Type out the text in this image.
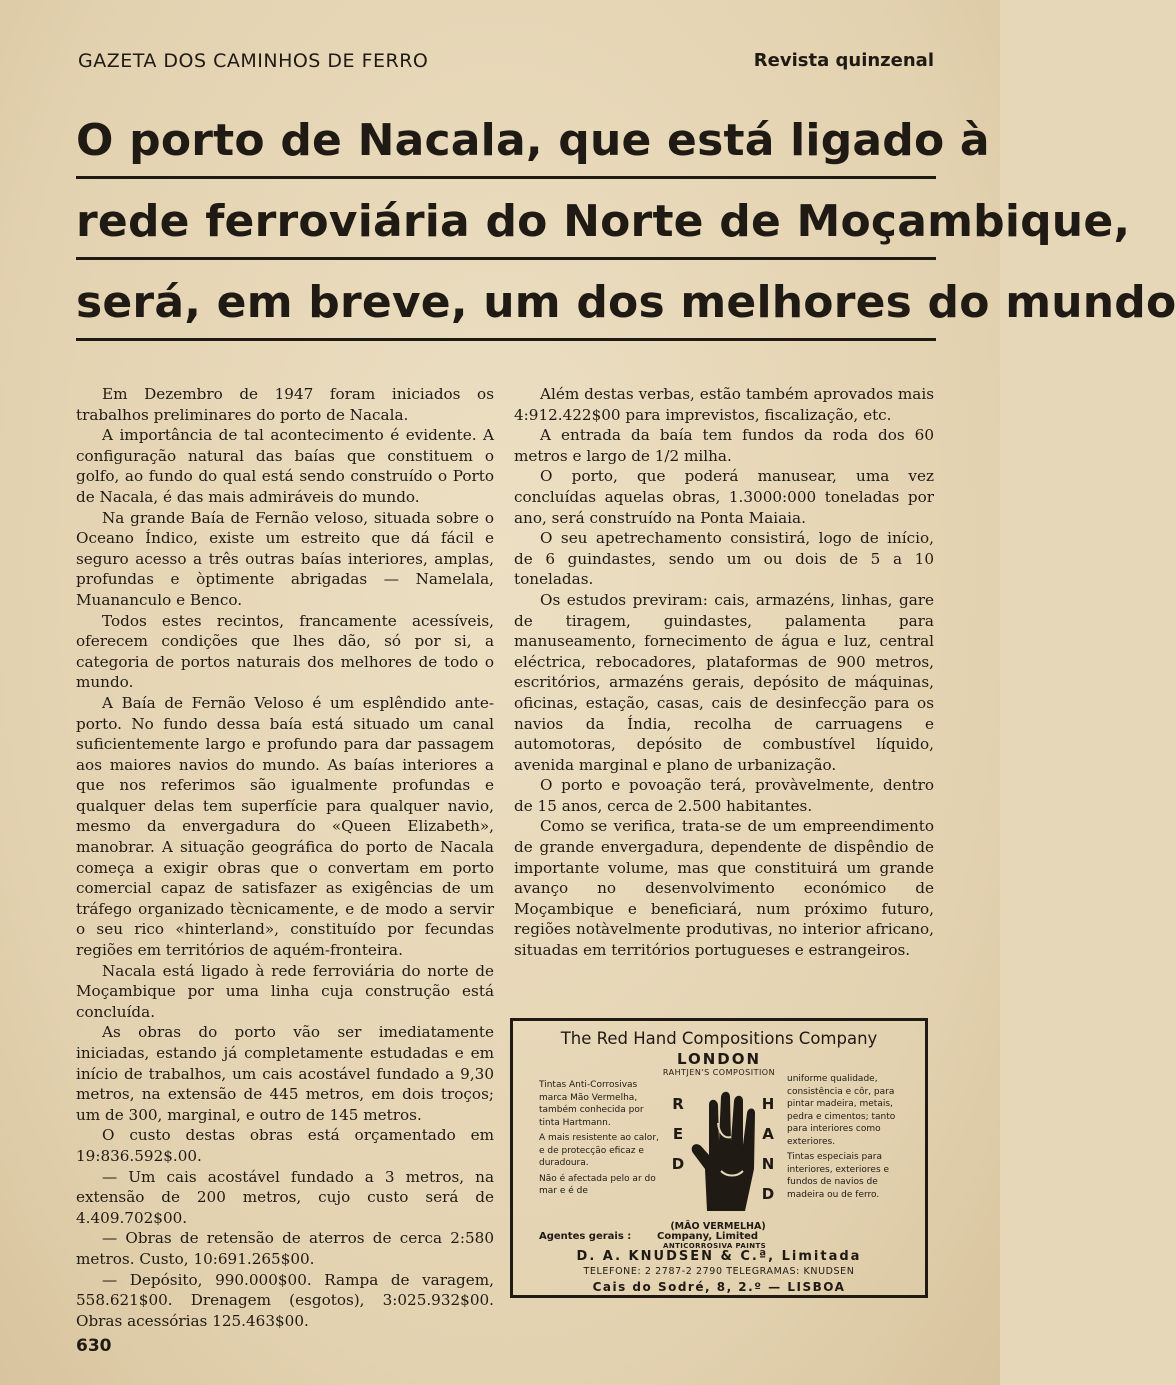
GAZETA DOS CAMINHOS DE FERRO	Revista quinzenal
O porto de Nacala, que está ligado à
rede ferroviária do Norte de Moçambique,
será, em breve, um dos melhores do mundo

Em Dezembro de 1947 foram iniciados os trabalhos preliminares do porto de Nacala.

A importância de tal acontecimento é evidente. A configuração natural das baías que constituem o golfo, ao fundo do qual está sendo construído o Porto de Nacala, é das mais admiráveis do mundo.

Na grande Baía de Fernão veloso, situada sobre o Oceano Índico, existe um estreito que dá fácil e seguro acesso a três outras baías interiores, amplas, profundas e òptimente abrigadas — Namelala, Muananculo e Benco.

Todos estes recintos, francamente acessíveis, oferecem condições que lhes dão, só por si, a categoria de portos naturais dos melhores de todo o mundo.

A Baía de Fernão Veloso é um esplêndido ante-porto. No fundo dessa baía está situado um canal suficientemente largo e profundo para dar passagem aos maiores navios do mundo. As baías interiores a que nos referimos são igualmente profundas e qualquer delas tem superfície para qualquer navio, mesmo da envergadura do «Queen Elizabeth», manobrar. A situação geográfica do porto de Nacala começa a exigir obras que o convertam em porto comercial capaz de satisfazer as exigências de um tráfego organizado tècnicamente, e de modo a servir o seu rico «hinterland», constituído por fecundas regiões em territórios de aquém-fronteira.

Nacala está ligado à rede ferroviária do norte de Moçambique por uma linha cuja construção está concluída.

As obras do porto vão ser imediatamente iniciadas, estando já completamente estudadas e em início de trabalhos, um cais acostável fundado a 9,30 metros, na extensão de 445 metros, em dois troços; um de 300, marginal, e outro de 145 metros.

O custo destas obras está orçamentado em 19:836.592$.00.

— Um cais acostável fundado a 3 metros, na extensão de 200 metros, cujo custo será de 4.409.702$00.

— Obras de retensão de aterros de cerca 2:580 metros. Custo, 10:691.265$00.

— Depósito, 990.000$00. Rampa de varagem, 558.621$00. Drenagem (esgotos), 3:025.932$00. Obras acessórias 125.463$00.

Além destas verbas, estão também aprovados mais 4:912.422$00 para imprevistos, fiscalização, etc.

A entrada da baía tem fundos da roda dos 60 metros e largo de 1/2 milha.

O porto, que poderá manusear, uma vez concluídas aquelas obras, 1.3000:000 toneladas por ano, será construído na Ponta Maiaia.

O seu apetrechamento consistirá, logo de início, de 6 guindastes, sendo um ou dois de 5 a 10 toneladas.

Os estudos previram: cais, armazéns, linhas, gare de tiragem, guindastes, palamenta para manuseamento, fornecimento de água e luz, central eléctrica, rebocadores, plataformas de 900 metros, escritórios, armazéns gerais, depósito de máquinas, oficinas, estação, casas, cais de desinfecção para os navios da Índia, recolha de carruagens e automotoras, depósito de combustível líquido, avenida marginal e plano de urbanização.

O porto e povoação terá, provàvelmente, dentro de 15 anos, cerca de 2.500 habitantes.

Como se verifica, trata-se de um empreendimento de grande envergadura, dependente de dispêndio de importante volume, mas que constituirá um grande avanço no desenvolvimento económico de Moçambique e beneficiará, num próximo futuro, regiões notàvelmente produtivas, no interior africano, situadas em territórios portugueses e estrangeiros.

The Red Hand Compositions Company
LONDON
RAHTJEN'S COMPOSITION

Tintas Anti-Corrosivas marca Mão Vermelha, também conhecida por tinta Hartmann.

A mais resistente ao calor, e de protecção eficaz e duradoura.

Não é afectada pelo ar do mar e é de

R
E
D
H
A
N
D

uniforme qualidade, consistência e côr, para pintar madeira, metais, pedra e cimentos; tanto para interiores como exteriores.

Tintas especiais para interiores, exteriores e fundos de navios de madeira ou de ferro.

(MÃO VERMELHA)
Agentes gerais :	Company, Limited
ANTICORROSIVA PAINTS
D. A. KNUDSEN & C.ª, Limitada
TELEFONE: 2 2787-2 2790 TELEGRAMAS: KNUDSEN
Cais do Sodré, 8, 2.º — LISBOA
630
